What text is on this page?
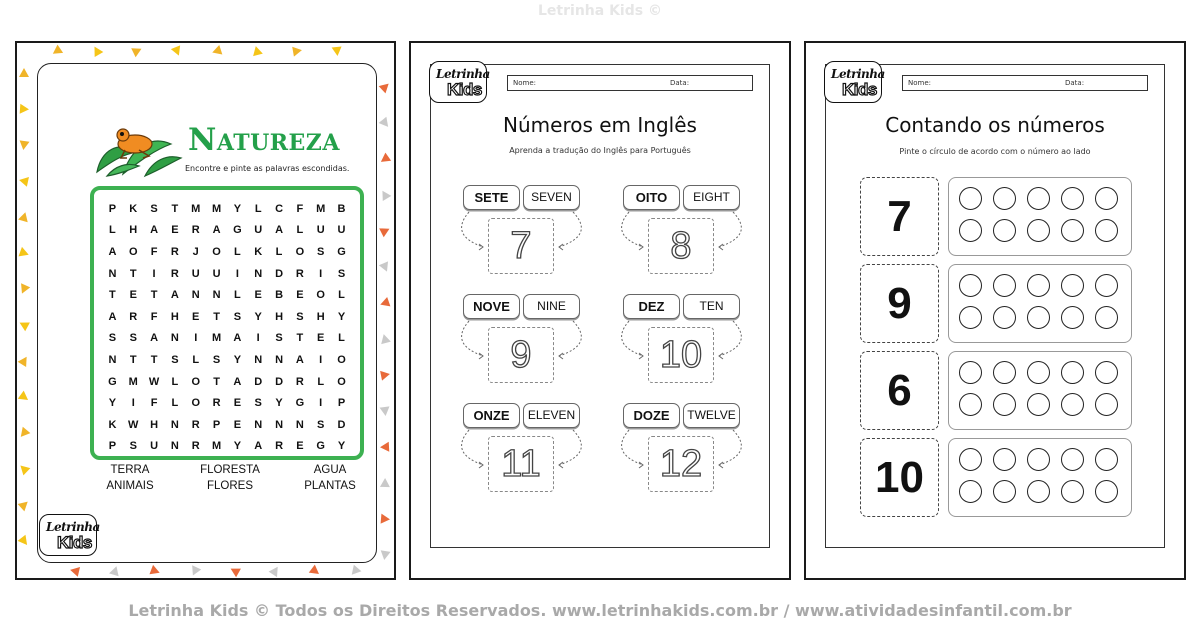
Letrinha Kids ©
Natureza
Encontre e pinte as palavras escondidas.
P	K	S	T	M	M	Y	L	C	F	M	B
L	H	A	E	R	A	G	U	A	L	U	U
A	O	F	R	J	O	L	K	L	O	S	G
N	T	I	R	U	U	I	N	D	R	I	S
T	E	T	A	N	N	L	E	B	E	O	L
A	R	F	H	E	T	S	Y	H	S	H	Y
S	S	A	N	I	M	A	I	S	T	E	L
N	T	T	S	L	S	Y	N	N	A	I	O
G	M	W	L	O	T	A	D	D	R	L	O
Y	I	F	L	O	R	E	S	Y	G	I	P
K	W	H	N	R	P	E	N	N	N	S	D
P	S	U	N	R	M	Y	A	R	E	G	Y
TERRA	FLORESTA	AGUA
ANIMAIS	FLORES	PLANTAS
Letrinha
Kids
Letrinha
Kids	Nome:	Data:
Números em Inglês
Aprenda a tradução do Inglês para Português
SETE	SEVEN
7
OITO	EIGHT
8
NOVE	NINE
9
DEZ	TEN
10
ONZE	ELEVEN
11
DOZE	TWELVE
12
Letrinha
Kids	Nome:	Data:
Contando os números
Pinte o círculo de acordo com o número ao lado
7
9
6
10
Letrinha Kids © Todos os Direitos Reservados. www.letrinhakids.com.br / www.atividadesinfantil.com.br
